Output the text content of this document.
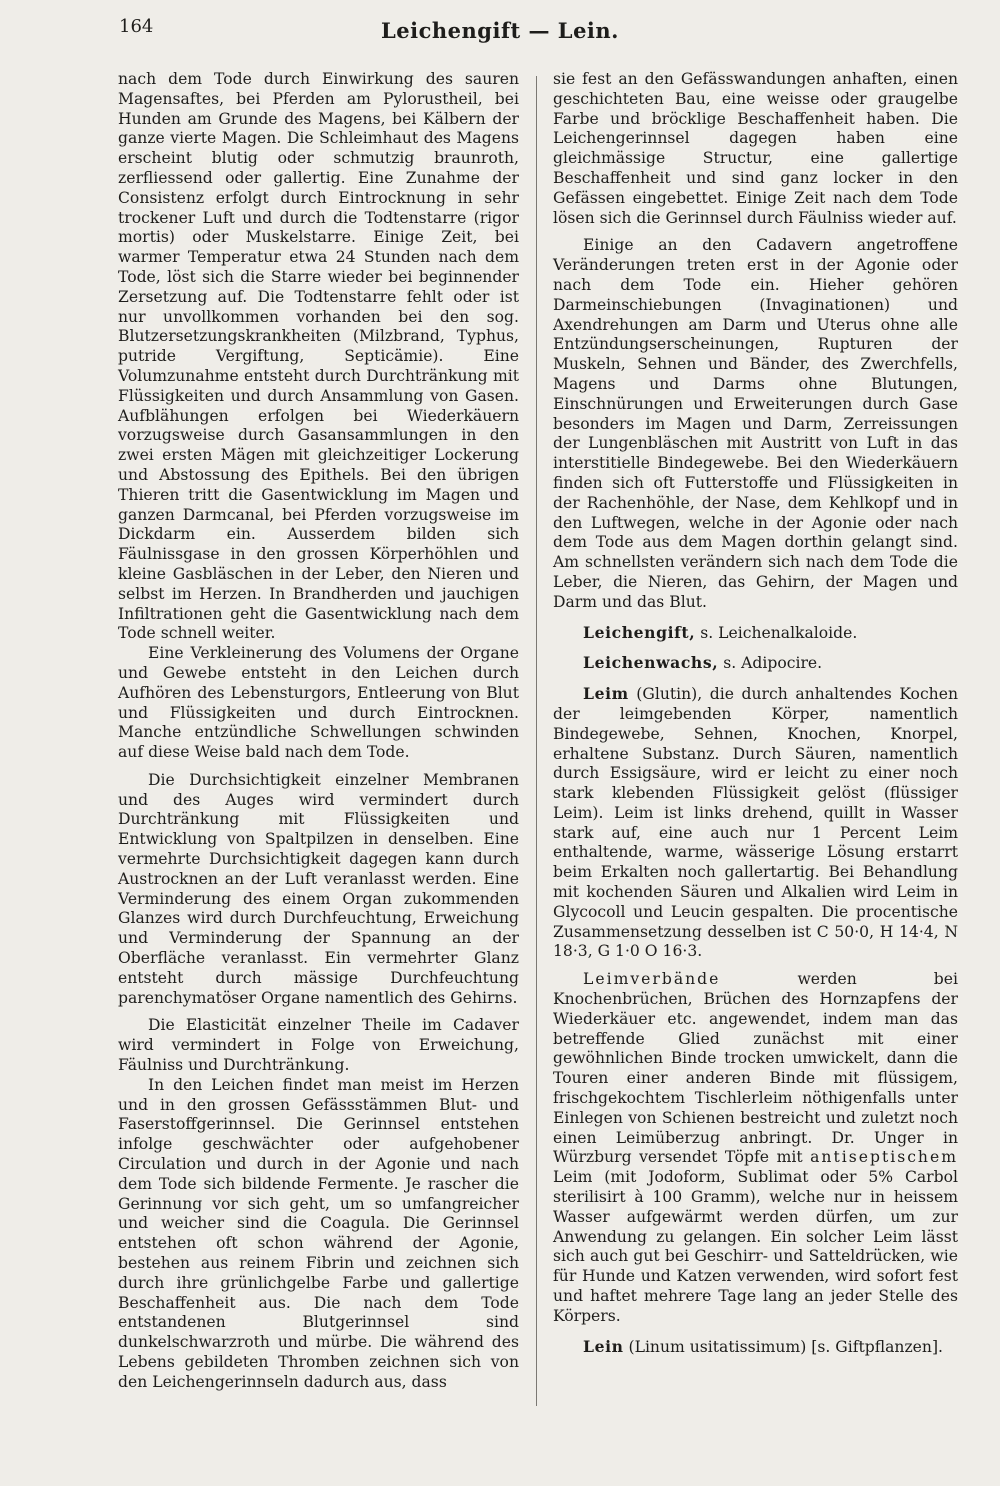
164	Leichengift — Lein.

nach dem Tode durch Einwirkung des sauren Magensaftes, bei Pferden am Pylorustheil, bei Hunden am Grunde des Magens, bei Kälbern der ganze vierte Magen. Die Schleimhaut des Magens erscheint blutig oder schmutzig braunroth, zerfliessend oder gallertig. Eine Zunahme der Consistenz erfolgt durch Eintrocknung in sehr trockener Luft und durch die Todtenstarre (rigor mortis) oder Muskelstarre. Einige Zeit, bei warmer Temperatur etwa 24 Stunden nach dem Tode, löst sich die Starre wieder bei beginnender Zersetzung auf. Die Todtenstarre fehlt oder ist nur unvollkommen vorhanden bei den sog. Blutzersetzungskrankheiten (Milzbrand, Typhus, putride Vergiftung, Septicämie). Eine Volumzunahme entsteht durch Durchtränkung mit Flüssigkeiten und durch Ansammlung von Gasen. Aufblähungen erfolgen bei Wiederkäuern vorzugsweise durch Gasansammlungen in den zwei ersten Mägen mit gleichzeitiger Lockerung und Abstossung des Epithels. Bei den übrigen Thieren tritt die Gasentwicklung im Magen und ganzen Darmcanal, bei Pferden vorzugsweise im Dickdarm ein. Ausserdem bilden sich Fäulnissgase in den grossen Körperhöhlen und kleine Gasbläschen in der Leber, den Nieren und selbst im Herzen. In Brandherden und jauchigen Infiltrationen geht die Gasentwicklung nach dem Tode schnell weiter.

Eine Verkleinerung des Volumens der Organe und Gewebe entsteht in den Leichen durch Aufhören des Lebensturgors, Entleerung von Blut und Flüssigkeiten und durch Eintrocknen. Manche entzündliche Schwellungen schwinden auf diese Weise bald nach dem Tode.

Die Durchsichtigkeit einzelner Membranen und des Auges wird vermindert durch Durchtränkung mit Flüssigkeiten und Entwicklung von Spaltpilzen in denselben. Eine vermehrte Durchsichtigkeit dagegen kann durch Austrocknen an der Luft veranlasst werden. Eine Verminderung des einem Organ zukommenden Glanzes wird durch Durchfeuchtung, Erweichung und Verminderung der Spannung an der Oberfläche veranlasst. Ein vermehrter Glanz entsteht durch mässige Durchfeuchtung parenchymatöser Organe namentlich des Gehirns.

Die Elasticität einzelner Theile im Cadaver wird vermindert in Folge von Erweichung, Fäulniss und Durchtränkung.

In den Leichen findet man meist im Herzen und in den grossen Gefässstämmen Blut- und Faserstoffgerinnsel. Die Gerinnsel entstehen infolge geschwächter oder aufgehobener Circulation und durch in der Agonie und nach dem Tode sich bildende Fermente. Je rascher die Gerinnung vor sich geht, um so umfangreicher und weicher sind die Coagula. Die Gerinnsel entstehen oft schon während der Agonie, bestehen aus reinem Fibrin und zeichnen sich durch ihre grünlichgelbe Farbe und gallertige Beschaffenheit aus. Die nach dem Tode entstandenen Blutgerinnsel sind dunkelschwarzroth und mürbe. Die während des Lebens gebildeten Thromben zeichnen sich von den Leichengerinnseln dadurch aus, dass

sie fest an den Gefässwandungen anhaften, einen geschichteten Bau, eine weisse oder graugelbe Farbe und bröcklige Beschaffenheit haben. Die Leichengerinnsel dagegen haben eine gleichmässige Structur, eine gallertige Beschaffenheit und sind ganz locker in den Gefässen eingebettet. Einige Zeit nach dem Tode lösen sich die Gerinnsel durch Fäulniss wieder auf.

Einige an den Cadavern angetroffene Veränderungen treten erst in der Agonie oder nach dem Tode ein. Hieher gehören Darmeinschiebungen (Invaginationen) und Axendrehungen am Darm und Uterus ohne alle Entzündungserscheinungen, Rupturen der Muskeln, Sehnen und Bänder, des Zwerchfells, Magens und Darms ohne Blutungen, Einschnürungen und Erweiterungen durch Gase besonders im Magen und Darm, Zerreissungen der Lungenbläschen mit Austritt von Luft in das interstitielle Bindegewebe. Bei den Wiederkäuern finden sich oft Futterstoffe und Flüssigkeiten in der Rachenhöhle, der Nase, dem Kehlkopf und in den Luftwegen, welche in der Agonie oder nach dem Tode aus dem Magen dorthin gelangt sind. Am schnellsten verändern sich nach dem Tode die Leber, die Nieren, das Gehirn, der Magen und Darm und das Blut.

Leichengift, s. Leichenalkaloide.

Leichenwachs, s. Adipocire.

Leim (Glutin), die durch anhaltendes Kochen der leimgebenden Körper, namentlich Bindegewebe, Sehnen, Knochen, Knorpel, erhaltene Substanz. Durch Säuren, namentlich durch Essigsäure, wird er leicht zu einer noch stark klebenden Flüssigkeit gelöst (flüssiger Leim). Leim ist links drehend, quillt in Wasser stark auf, eine auch nur 1 Percent Leim enthaltende, warme, wässerige Lösung erstarrt beim Erkalten noch gallertartig. Bei Behandlung mit kochenden Säuren und Alkalien wird Leim in Glycocoll und Leucin gespalten. Die procentische Zusammensetzung desselben ist C 50·0, H 14·4, N 18·3, G 1·0 O 16·3.

Leimverbände werden bei Knochenbrüchen, Brüchen des Hornzapfens der Wiederkäuer etc. angewendet, indem man das betreffende Glied zunächst mit einer gewöhnlichen Binde trocken umwickelt, dann die Touren einer anderen Binde mit flüssigem, frischgekochtem Tischlerleim nöthigenfalls unter Einlegen von Schienen bestreicht und zuletzt noch einen Leimüberzug anbringt. Dr. Unger in Würzburg versendet Töpfe mit antiseptischem Leim (mit Jodoform, Sublimat oder 5% Carbol sterilisirt à 100 Gramm), welche nur in heissem Wasser aufgewärmt werden dürfen, um zur Anwendung zu gelangen. Ein solcher Leim lässt sich auch gut bei Geschirr- und Satteldrücken, wie für Hunde und Katzen verwenden, wird sofort fest und haftet mehrere Tage lang an jeder Stelle des Körpers.

Lein (Linum usitatissimum) [s. Giftpflanzen].
